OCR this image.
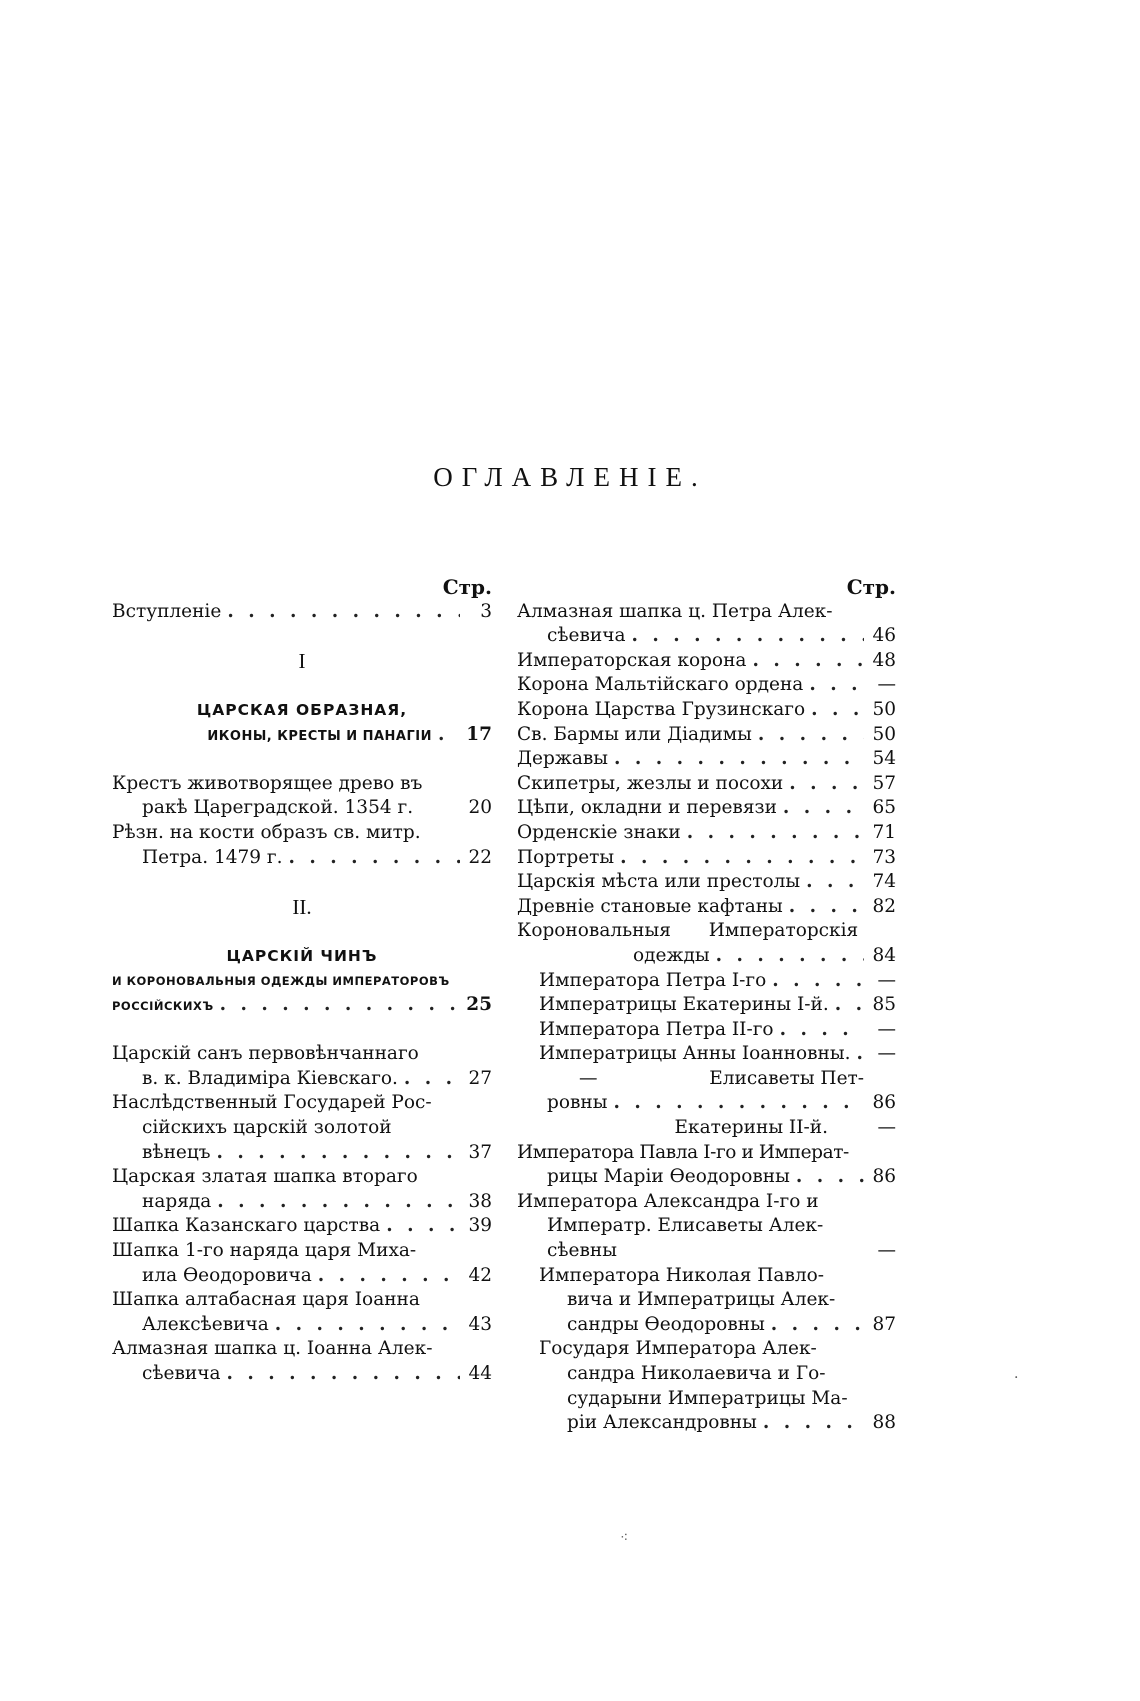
ОГЛАВЛЕНІЕ.
Стр.
Вступленіе . . .	3
I
ЦАРСКАЯ ОБРАЗНАЯ,
ИКОНЫ, КРЕСТЫ И ПАНАГІИ . . . 17
Крестъ животворящее древо въ
ракѣ Цареградской. 1354 г.	20
Рѣзн. на кости образъ св. митр.
Петра. 1479 г. . . .	22
II.
ЦАРСКІЙ ЧИНЪ
И КОРОНОВАЛЬНЫЯ ОДЕЖДЫ ИМПЕРАТОРОВЪ
РОССІЙСКИХЪ . . .	25
Царскій санъ первовѣнчаннаго
в. к. Владиміра Кіевскаго. . . .	27
Наслѣдственный Государей Рос-
сійскихъ царскій золотой
вѣнецъ . . .	37
Царская златая шапка втораго
наряда . . .	38
Шапка Казанскаго царства . . .	39
Шапка 1-го наряда царя Миха-
ила Ѳеодоровича . . .	42
Шапка алтабасная царя Іоанна
Алексѣевича . . .	43
Алмазная шапка ц. Іоанна Алек-
сѣевича . . .	44
Стр.
Алмазная шапка ц. Петра Алек-
сѣевича . . .	46
Императорская корона . . .	48
Корона Мальтійскаго ордена . . .	—
Корона Царства Грузинскаго . . .	50
Св. Бармы или Діадимы . . .	50
Державы . . .	54
Скипетры, жезлы и посохи . . .	57
Цѣпи, окладни и перевязи . . .	65
Орденскіе знаки . . .	71
Портреты . . .	73
Царскія мѣста или престолы . . .	74
Древніе становые кафтаны . . .	82
Короновальныя Императорскія
одежды . . .	84
Императора Петра I-го . . .	—
Императрицы Екатерины I-й. . . . 85
Императора Петра II-го . . .	—
Императрицы Анны Іоанновны. . . .	—
—	Елисаветы Пет-
ровны . . .	86
Екатерины II-й.	—
Императора Павла I-го и Императ-
рицы Маріи Ѳеодоровны . . .	86
Императора Александра I-го и
Императр. Елисаветы Алек-
сѣевны	—
Императора Николая Павло-
вича и Императрицы Алек-
сандры Ѳеодоровны . . .	87
Государя Императора Алек-
сандра Николаевича и Го-
сударыни Императрицы Ма-
ріи Александровны . . .	88
⁖
·
